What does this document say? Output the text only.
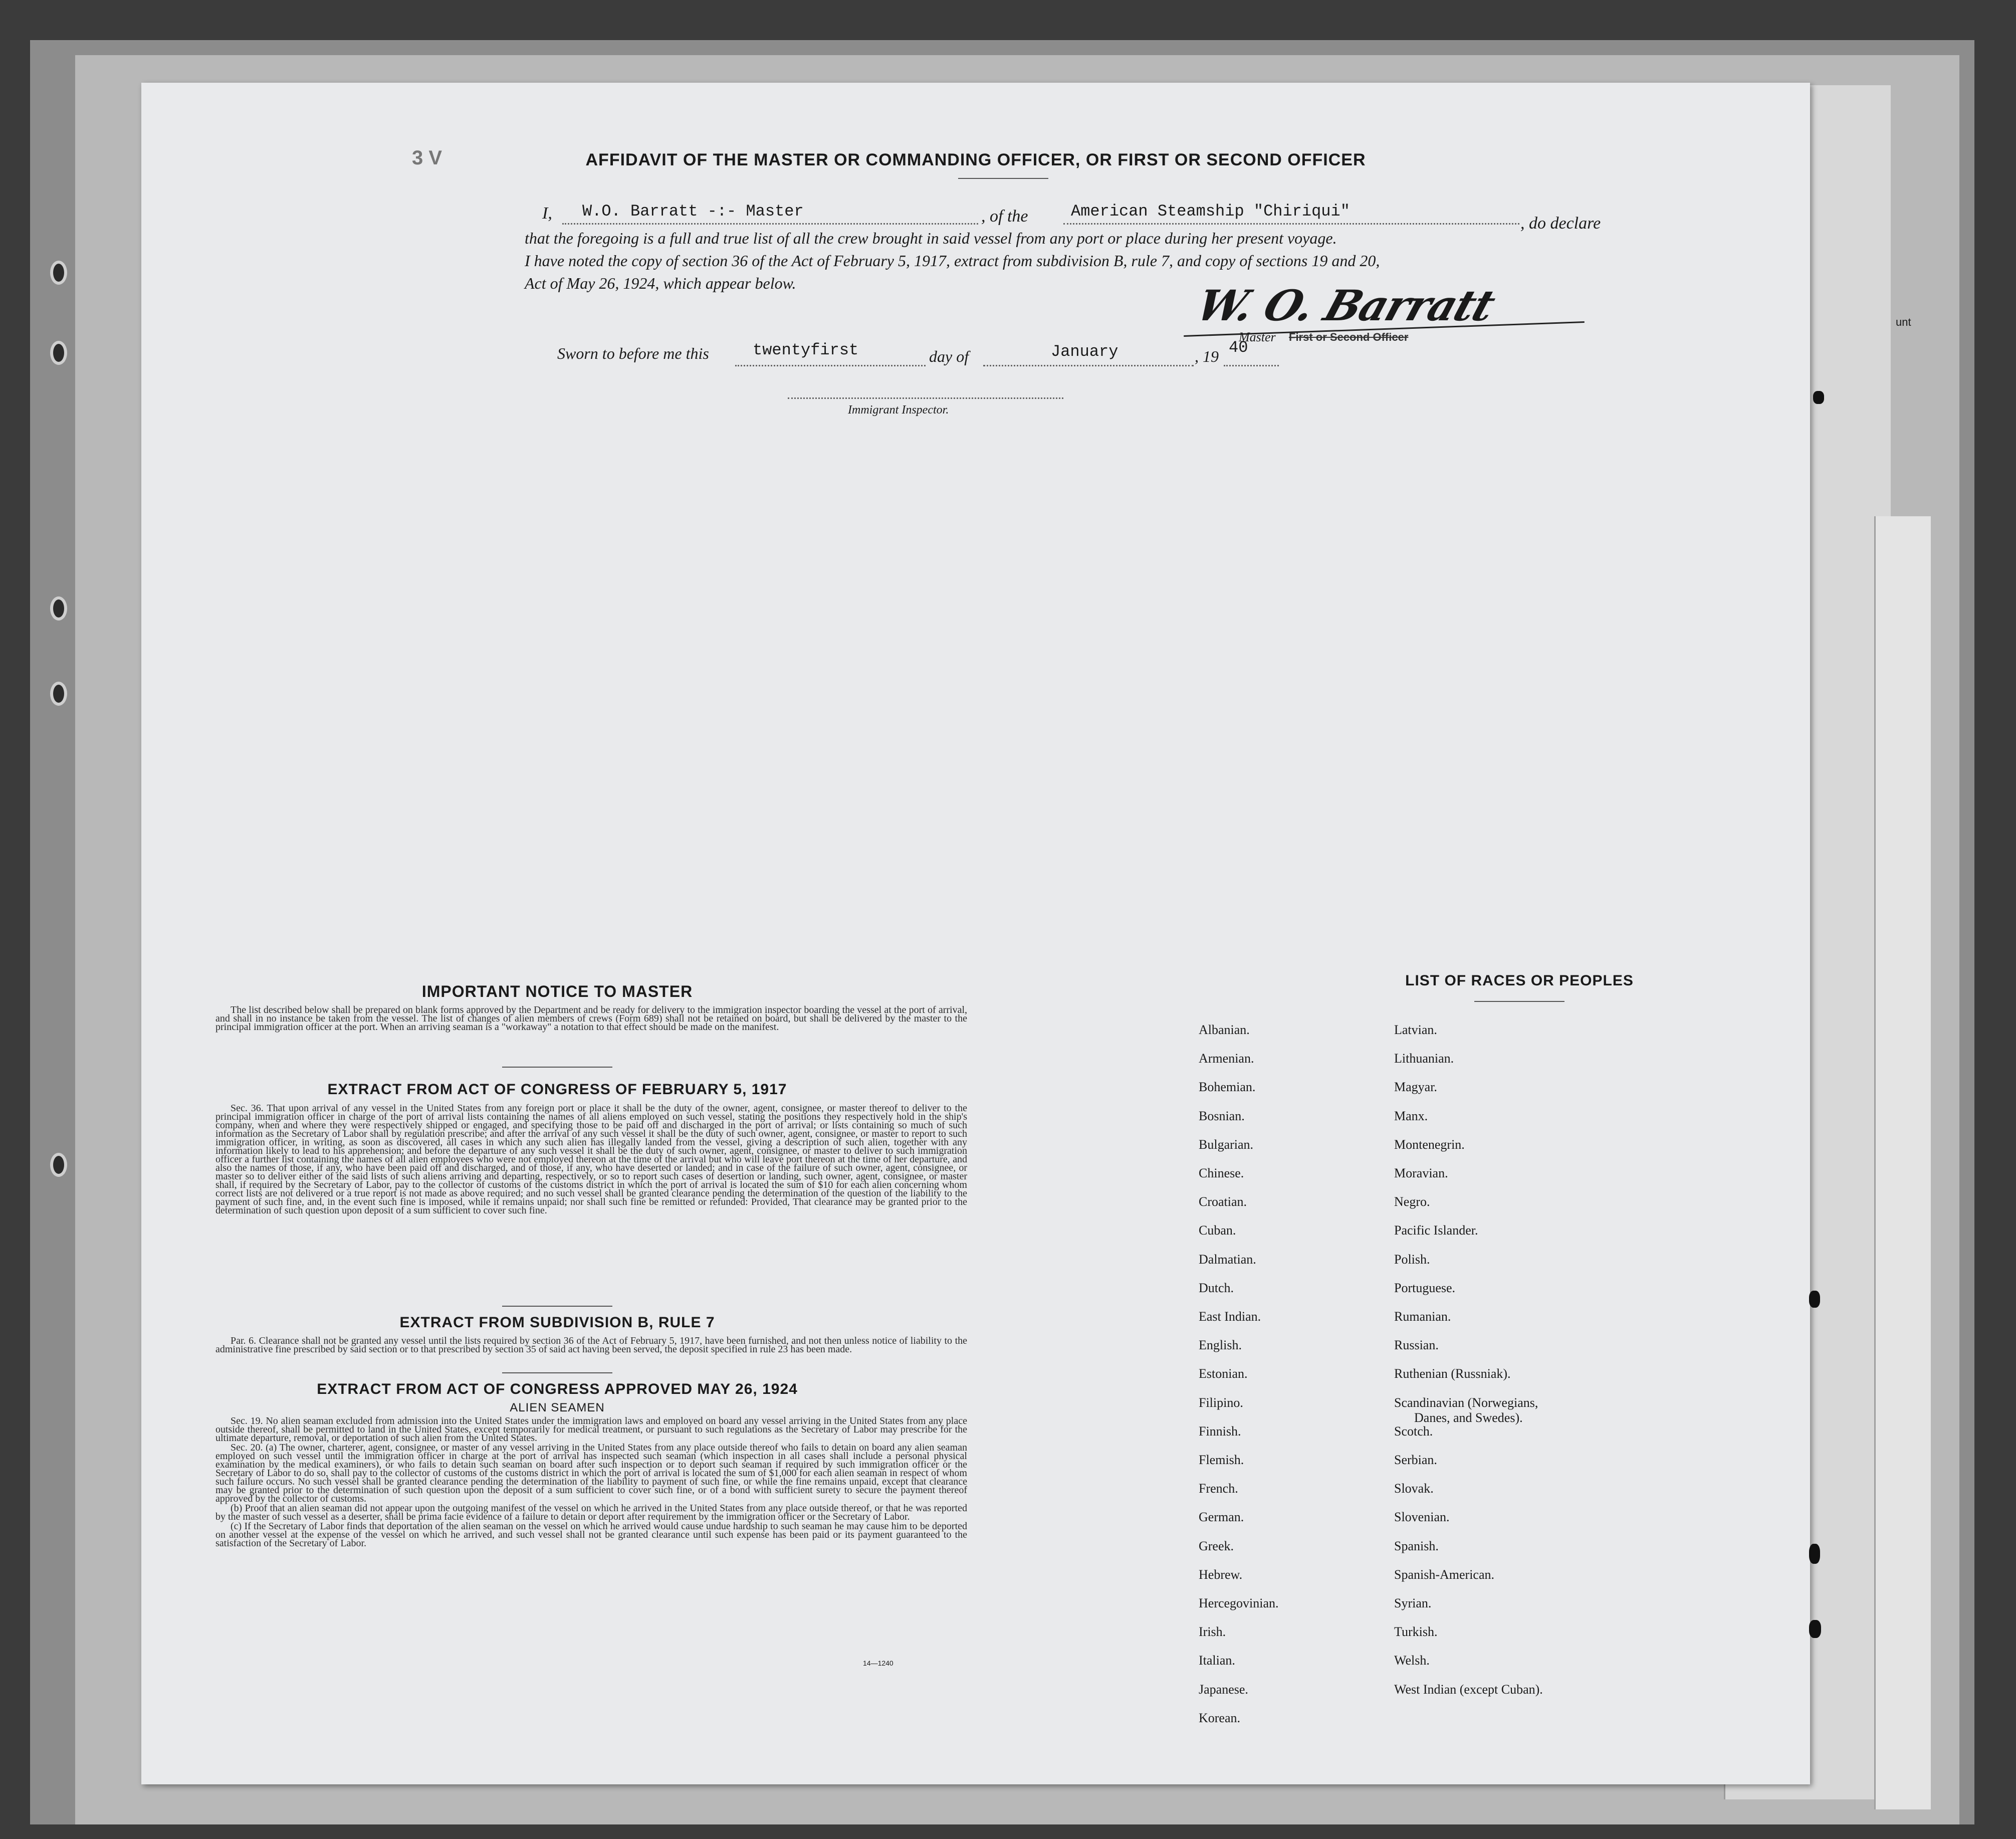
unt
3 V	AFFIDAVIT OF THE MASTER OR COMMANDING OFFICER, OR FIRST OR SECOND OFFICER
I, W.O. Barratt -:- Master	, of the	American Steamship "Chiriqui"
, do declare
that the foregoing is a full and true list of all the crew brought in said vessel from any port or place during her present voyage.
I have noted the copy of section 36 of the Act of February 5, 1917, extract from subdivision B, rule 7, and copy of sections 19 and 20,
Act of May 26, 1924, which appear below.	W. O. Barratt
Master First or Second Officer
Sworn to before me this	twentyfirst	day of	January	, 19 40
Immigrant Inspector.
IMPORTANT NOTICE TO MASTER

The list described below shall be prepared on blank forms approved by the Department and be ready for delivery to the immigration inspector boarding the vessel at the port of arrival, and shall in no instance be taken from the vessel. The list of changes of alien members of crews (Form 689) shall not be retained on board, but shall be delivered by the master to the principal immigration officer at the port. When an arriving seaman is a "workaway" a notation to that effect should be made on the manifest.

EXTRACT FROM ACT OF CONGRESS OF FEBRUARY 5, 1917

Sec. 36. That upon arrival of any vessel in the United States from any foreign port or place it shall be the duty of the owner, agent, consignee, or master thereof to deliver to the principal immigration officer in charge of the port of arrival lists containing the names of all aliens employed on such vessel, stating the positions they respectively hold in the ship's company, when and where they were respectively shipped or engaged, and specifying those to be paid off and discharged in the port of arrival; or lists containing so much of such information as the Secretary of Labor shall by regulation prescribe; and after the arrival of any such vessel it shall be the duty of such owner, agent, consignee, or master to report to such immigration officer, in writing, as soon as discovered, all cases in which any such alien has illegally landed from the vessel, giving a description of such alien, together with any information likely to lead to his apprehension; and before the departure of any such vessel it shall be the duty of such owner, agent, consignee, or master to deliver to such immigration officer a further list containing the names of all alien employees who were not employed thereon at the time of the arrival but who will leave port thereon at the time of her departure, and also the names of those, if any, who have been paid off and discharged, and of those, if any, who have deserted or landed; and in case of the failure of such owner, agent, consignee, or master so to deliver either of the said lists of such aliens arriving and departing, respectively, or so to report such cases of desertion or landing, such owner, agent, consignee, or master shall, if required by the Secretary of Labor, pay to the collector of customs of the customs district in which the port of arrival is located the sum of $10 for each alien concerning whom correct lists are not delivered or a true report is not made as above required; and no such vessel shall be granted clearance pending the determination of the question of the liability to the payment of such fine, and, in the event such fine is imposed, while it remains unpaid; nor shall such fine be remitted or refunded: Provided, That clearance may be granted prior to the determination of such question upon deposit of a sum sufficient to cover such fine.

EXTRACT FROM SUBDIVISION B, RULE 7

Par. 6. Clearance shall not be granted any vessel until the lists required by section 36 of the Act of February 5, 1917, have been furnished, and not then unless notice of liability to the administrative fine prescribed by said section or to that prescribed by section 35 of said act having been served, the deposit specified in rule 23 has been made.

EXTRACT FROM ACT OF CONGRESS APPROVED MAY 26, 1924
ALIEN SEAMEN

Sec. 19. No alien seaman excluded from admission into the United States under the immigration laws and employed on board any vessel arriving in the United States from any place outside thereof, shall be permitted to land in the United States, except temporarily for medical treatment, or pursuant to such regulations as the Secretary of Labor may prescribe for the ultimate departure, removal, or deportation of such alien from the United States.

Sec. 20. (a) The owner, charterer, agent, consignee, or master of any vessel arriving in the United States from any place outside thereof who fails to detain on board any alien seaman employed on such vessel until the immigration officer in charge at the port of arrival has inspected such seaman (which inspection in all cases shall include a personal physical examination by the medical examiners), or who fails to detain such seaman on board after such inspection or to deport such seaman if required by such immigration officer or the Secretary of Labor to do so, shall pay to the collector of customs of the customs district in which the port of arrival is located the sum of $1,000 for each alien seaman in respect of whom such failure occurs. No such vessel shall be granted clearance pending the determination of the liability to payment of such fine, or while the fine remains unpaid, except that clearance may be granted prior to the determination of such question upon the deposit of a sum sufficient to cover such fine, or of a bond with sufficient surety to secure the payment thereof approved by the collector of customs.

(b) Proof that an alien seaman did not appear upon the outgoing manifest of the vessel on which he arrived in the United States from any place outside thereof, or that he was reported by the master of such vessel as a deserter, shall be prima facie evidence of a failure to detain or deport after requirement by the immigration officer or the Secretary of Labor.

(c) If the Secretary of Labor finds that deportation of the alien seaman on the vessel on which he arrived would cause undue hardship to such seaman he may cause him to be deported on another vessel at the expense of the vessel on which he arrived, and such vessel shall not be granted clearance until such expense has been paid or its payment guaranteed to the satisfaction of the Secretary of Labor.

14—1240
LIST OF RACES OR PEOPLES
Albanian.
Armenian.
Bohemian.
Bosnian.
Bulgarian.
Chinese.
Croatian.
Cuban.
Dalmatian.
Dutch.
East Indian.
English.
Estonian.
Filipino.
Finnish.
Flemish.
French.
German.
Greek.
Hebrew.
Hercegovinian.
Irish.
Italian.
Japanese.
Korean.
Latvian.
Lithuanian.
Magyar.
Manx.
Montenegrin.
Moravian.
Negro.
Pacific Islander.
Polish.
Portuguese.
Rumanian.
Russian.
Ruthenian (Russniak).
Scandinavian (Norwegians,
Danes, and Swedes).
Scotch.
Serbian.
Slovak.
Slovenian.
Spanish.
Spanish-American.
Syrian.
Turkish.
Welsh.
West Indian (except Cuban).
